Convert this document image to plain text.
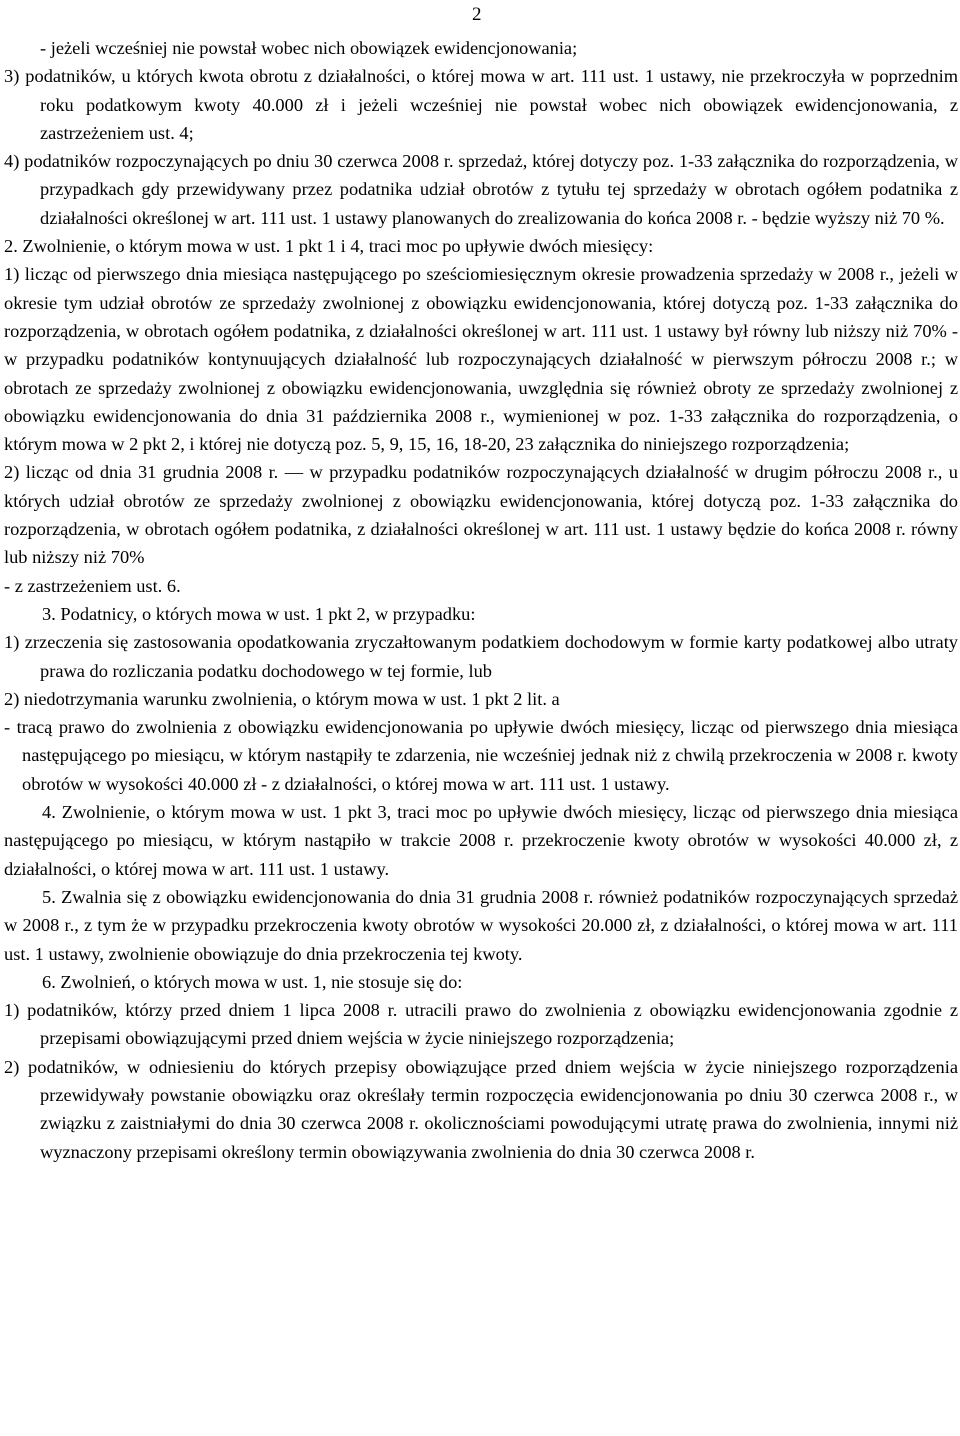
2

- jeżeli wcześniej nie powstał wobec nich obowiązek ewidencjonowania;

3) podatników, u których kwota obrotu z działalności, o której mowa w art. 111 ust. 1 ustawy, nie przekroczyła w poprzednim roku podatkowym kwoty 40.000 zł i jeżeli wcześniej nie powstał wobec nich obowiązek ewidencjonowania, z zastrzeżeniem ust. 4;

4) podatników rozpoczynających po dniu 30 czerwca 2008 r. sprzedaż, której dotyczy poz. 1-33 załącznika do rozporządzenia, w przypadkach gdy przewidywany przez podatnika udział obrotów z tytułu tej sprzedaży w obrotach ogółem podatnika z działalności określonej w art. 111 ust. 1 ustawy planowanych do zrealizowania do końca 2008 r. - będzie wyższy niż 70 %.

2. Zwolnienie, o którym mowa w ust. 1 pkt 1 i 4, traci moc po upływie dwóch miesięcy:

1) licząc od pierwszego dnia miesiąca następującego po sześciomiesięcznym okresie prowadzenia sprzedaży w 2008 r., jeżeli w okresie tym udział obrotów ze sprzedaży zwolnionej z obowiązku ewidencjonowania, której dotyczą poz. 1-33 załącznika do rozporządzenia, w obrotach ogółem podatnika, z działalności określonej w art. 111 ust. 1 ustawy był równy lub niższy niż 70% - w przypadku podatników kontynuujących działalność lub rozpoczynających działalność w pierwszym półroczu 2008 r.; w obrotach ze sprzedaży zwolnionej z obowiązku ewidencjonowania, uwzględnia się również obroty ze sprzedaży zwolnionej z obowiązku ewidencjonowania do dnia 31 października 2008 r., wymienionej w poz. 1-33 załącznika do rozporządzenia, o którym mowa w 2 pkt 2, i której nie dotyczą poz. 5, 9, 15, 16, 18-20, 23 załącznika do niniejszego rozporządzenia;

2) licząc od dnia 31 grudnia 2008 r. — w przypadku podatników rozpoczynających działalność w drugim półroczu 2008 r., u których udział obrotów ze sprzedaży zwolnionej z obowiązku ewidencjonowania, której dotyczą poz. 1-33 załącznika do rozporządzenia, w obrotach ogółem podatnika, z działalności określonej w art. 111 ust. 1 ustawy będzie do końca 2008 r. równy lub niższy niż 70%

- z zastrzeżeniem ust. 6.

3. Podatnicy, o których mowa w ust. 1 pkt 2, w przypadku:

1) zrzeczenia się zastosowania opodatkowania zryczałtowanym podatkiem dochodowym w formie karty podatkowej albo utraty prawa do rozliczania podatku dochodowego w tej formie, lub

2) niedotrzymania warunku zwolnienia, o którym mowa w ust. 1 pkt 2 lit. a

- tracą prawo do zwolnienia z obowiązku ewidencjonowania po upływie dwóch miesięcy, licząc od pierwszego dnia miesiąca następującego po miesiącu, w którym nastąpiły te zdarzenia, nie wcześniej jednak niż z chwilą przekroczenia w 2008 r. kwoty obrotów w wysokości 40.000 zł - z działalności, o której mowa w art. 111 ust. 1 ustawy.

4. Zwolnienie, o którym mowa w ust. 1 pkt 3, traci moc po upływie dwóch miesięcy, licząc od pierwszego dnia miesiąca następującego po miesiącu, w którym nastąpiło w trakcie 2008 r. przekroczenie kwoty obrotów w wysokości 40.000 zł, z działalności, o której mowa w art. 111 ust. 1 ustawy.

5. Zwalnia się z obowiązku ewidencjonowania do dnia 31 grudnia 2008 r. również podatników rozpoczynających sprzedaż w 2008 r., z tym że w przypadku przekroczenia kwoty obrotów w wysokości 20.000 zł, z działalności, o której mowa w art. 111 ust. 1 ustawy, zwolnienie obowiązuje do dnia przekroczenia tej kwoty.

6. Zwolnień, o których mowa w ust. 1, nie stosuje się do:

1) podatników, którzy przed dniem 1 lipca 2008 r. utracili prawo do zwolnienia z obowiązku ewidencjonowania zgodnie z przepisami obowiązującymi przed dniem wejścia w życie niniejszego rozporządzenia;

2) podatników, w odniesieniu do których przepisy obowiązujące przed dniem wejścia w życie niniejszego rozporządzenia przewidywały powstanie obowiązku oraz określały termin rozpoczęcia ewidencjonowania po dniu 30 czerwca 2008 r., w związku z zaistniałymi do dnia 30 czerwca 2008 r. okolicznościami powodującymi utratę prawa do zwolnienia, innymi niż wyznaczony przepisami określony termin obowiązywania zwolnienia do dnia 30 czerwca 2008 r.
